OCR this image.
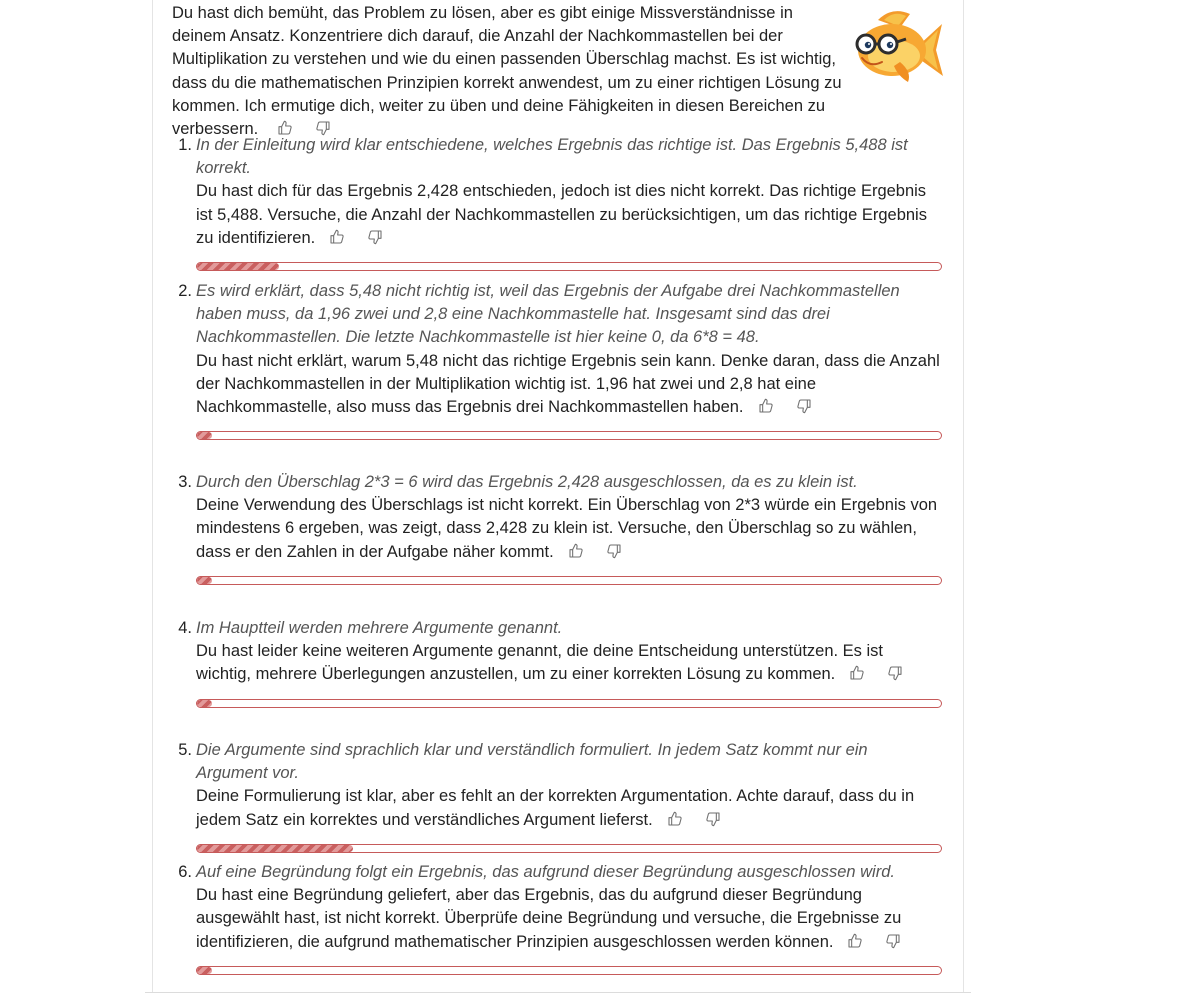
Du hast dich bemüht, das Problem zu lösen, aber es gibt einige Missverständnisse in deinem Ansatz. Konzentriere dich darauf, die Anzahl der Nachkommastellen bei der Multiplikation zu verstehen und wie du einen passenden Überschlag machst. Es ist wichtig, dass du die mathematischen Prinzipien korrekt anwendest, um zu einer richtigen Lösung zu kommen. Ich ermutige dich, weiter zu üben und deine Fähigkeiten in diesen Bereichen zu verbessern.
1. In der Einleitung wird klar entschiedene, welches Ergebnis das richtige ist. Das Ergebnis 5,488 ist korrekt.
Du hast dich für das Ergebnis 2,428 entschieden, jedoch ist dies nicht korrekt. Das richtige Ergebnis ist 5,488. Versuche, die Anzahl der Nachkommastellen zu berücksichtigen, um das richtige Ergebnis zu identifizieren.
2. Es wird erklärt, dass 5,48 nicht richtig ist, weil das Ergebnis der Aufgabe drei Nachkommastellen haben muss, da 1,96 zwei und 2,8 eine Nachkommastelle hat. Insgesamt sind das drei Nachkommastellen. Die letzte Nachkommastelle ist hier keine 0, da 6*8 = 48.
Du hast nicht erklärt, warum 5,48 nicht das richtige Ergebnis sein kann. Denke daran, dass die Anzahl der Nachkommastellen in der Multiplikation wichtig ist. 1,96 hat zwei und 2,8 hat eine Nachkommastelle, also muss das Ergebnis drei Nachkommastellen haben.
3. Durch den Überschlag 2*3 = 6 wird das Ergebnis 2,428 ausgeschlossen, da es zu klein ist.
Deine Verwendung des Überschlags ist nicht korrekt. Ein Überschlag von 2*3 würde ein Ergebnis von mindestens 6 ergeben, was zeigt, dass 2,428 zu klein ist. Versuche, den Überschlag so zu wählen, dass er den Zahlen in der Aufgabe näher kommt.
4. Im Hauptteil werden mehrere Argumente genannt.
Du hast leider keine weiteren Argumente genannt, die deine Entscheidung unterstützen. Es ist wichtig, mehrere Überlegungen anzustellen, um zu einer korrekten Lösung zu kommen.
5. Die Argumente sind sprachlich klar und verständlich formuliert. In jedem Satz kommt nur ein Argument vor.
Deine Formulierung ist klar, aber es fehlt an der korrekten Argumentation. Achte darauf, dass du in jedem Satz ein korrektes und verständliches Argument lieferst.
6. Auf eine Begründung folgt ein Ergebnis, das aufgrund dieser Begründung ausgeschlossen wird.
Du hast eine Begründung geliefert, aber das Ergebnis, das du aufgrund dieser Begründung ausgewählt hast, ist nicht korrekt. Überprüfe deine Begründung und versuche, die Ergebnisse zu identifizieren, die aufgrund mathematischer Prinzipien ausgeschlossen werden können.
